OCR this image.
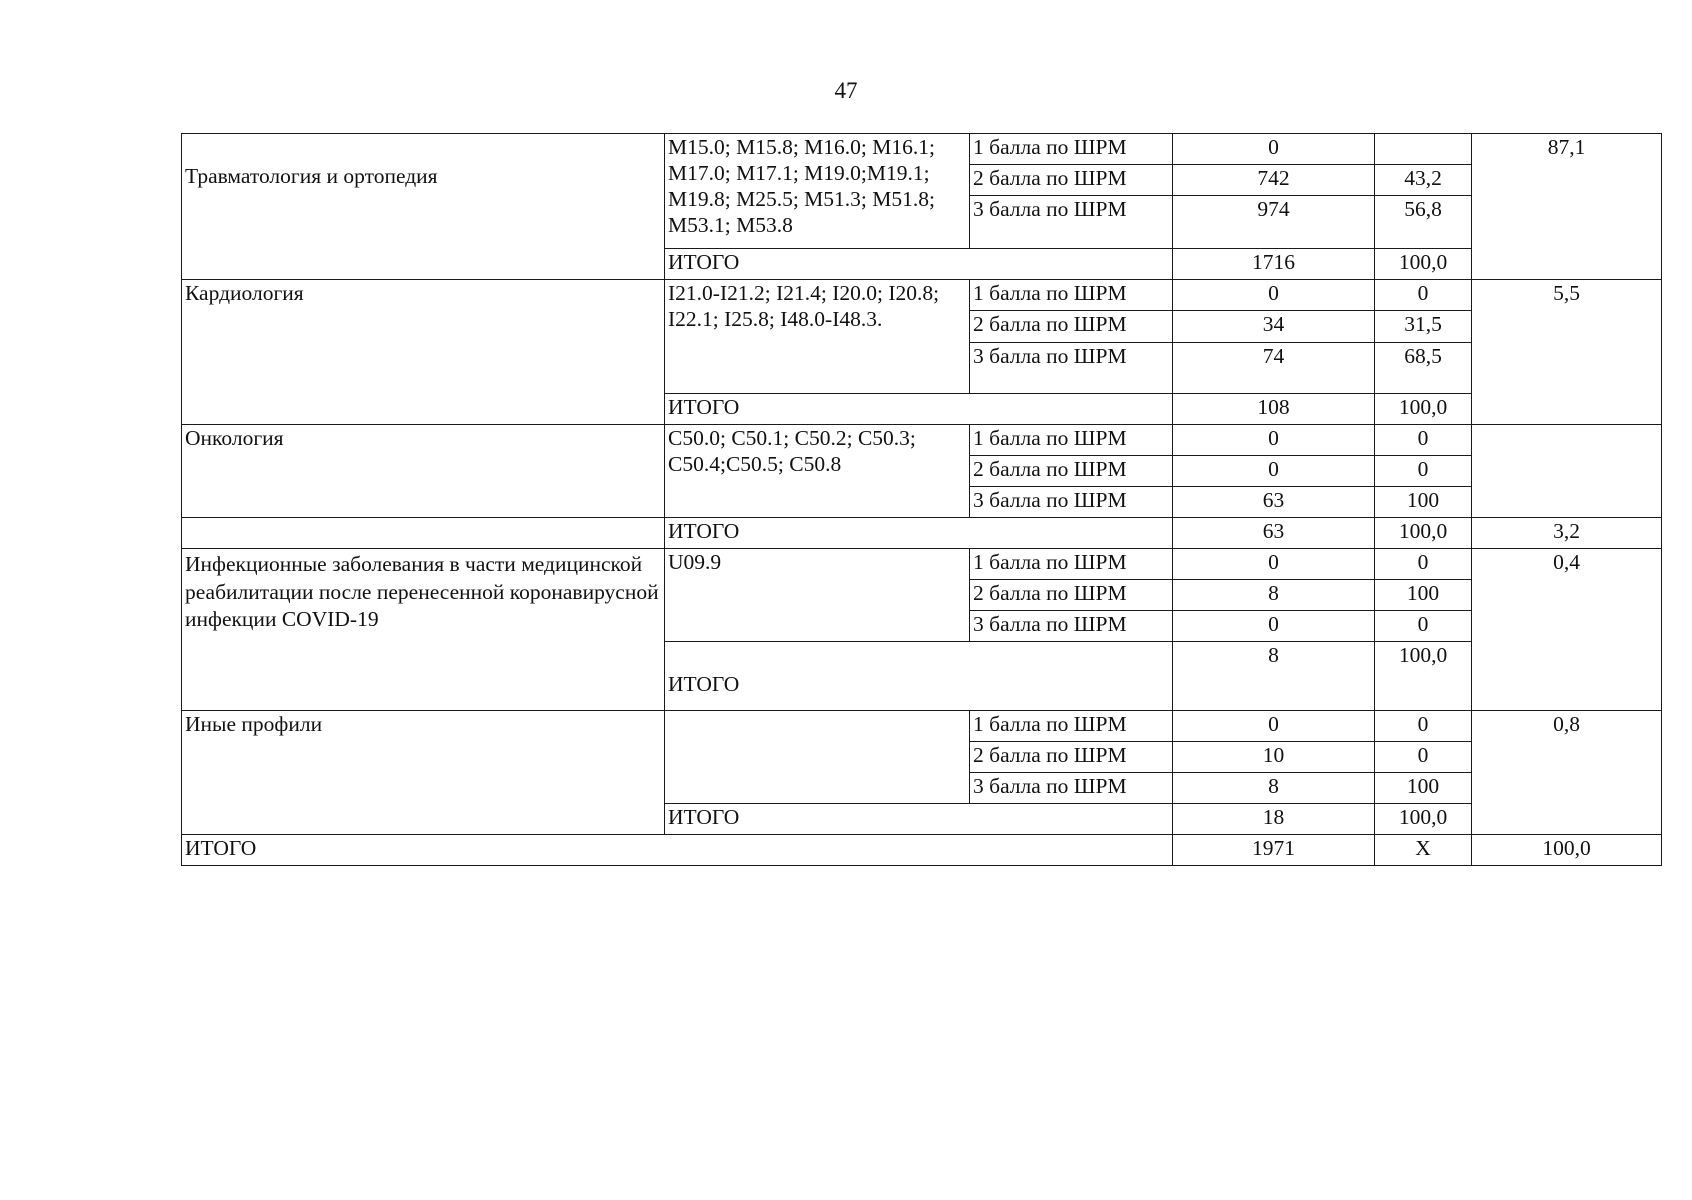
47
Травматология и ортопедия	М15.0; М15.8; М16.0; М16.1; М17.0; М17.1; М19.0;М19.1; М19.8; М25.5; М51.3; М51.8; М53.1; М53.8	1 балла по ШРМ	0		87,1
		2 балла по ШРМ	742	43,2	
		3 балла по ШРМ	974	56,8	
	ИТОГО		1716	100,0	
Кардиология	I21.0-I21.2; I21.4; I20.0; I20.8; I22.1; I25.8; I48.0-I48.3.	1 балла по ШРМ	0	0	5,5
		2 балла по ШРМ	34	31,5	
		3 балла по ШРМ	74	68,5	
	ИТОГО		108	100,0	
Онкология	С50.0; С50.1; С50.2; С50.3; С50.4;С50.5; С50.8	1 балла по ШРМ	0	0	
		2 балла по ШРМ	0	0	
		3 балла по ШРМ	63	100	
	ИТОГО		63	100,0	3,2
Инфекционные заболевания в части медицинской реабилитации после перенесенной коронавирусной инфекции COVID-19	U09.9	1 балла по ШРМ	0	0	0,4
		2 балла по ШРМ	8	100	
		3 балла по ШРМ	0	0	
	ИТОГО		8	100,0	
Иные профили		1 балла по ШРМ	0	0	0,8
		2 балла по ШРМ	10	0	
		3 балла по ШРМ	8	100	
	ИТОГО		18	100,0	
ИТОГО			1971	Х	100,0
